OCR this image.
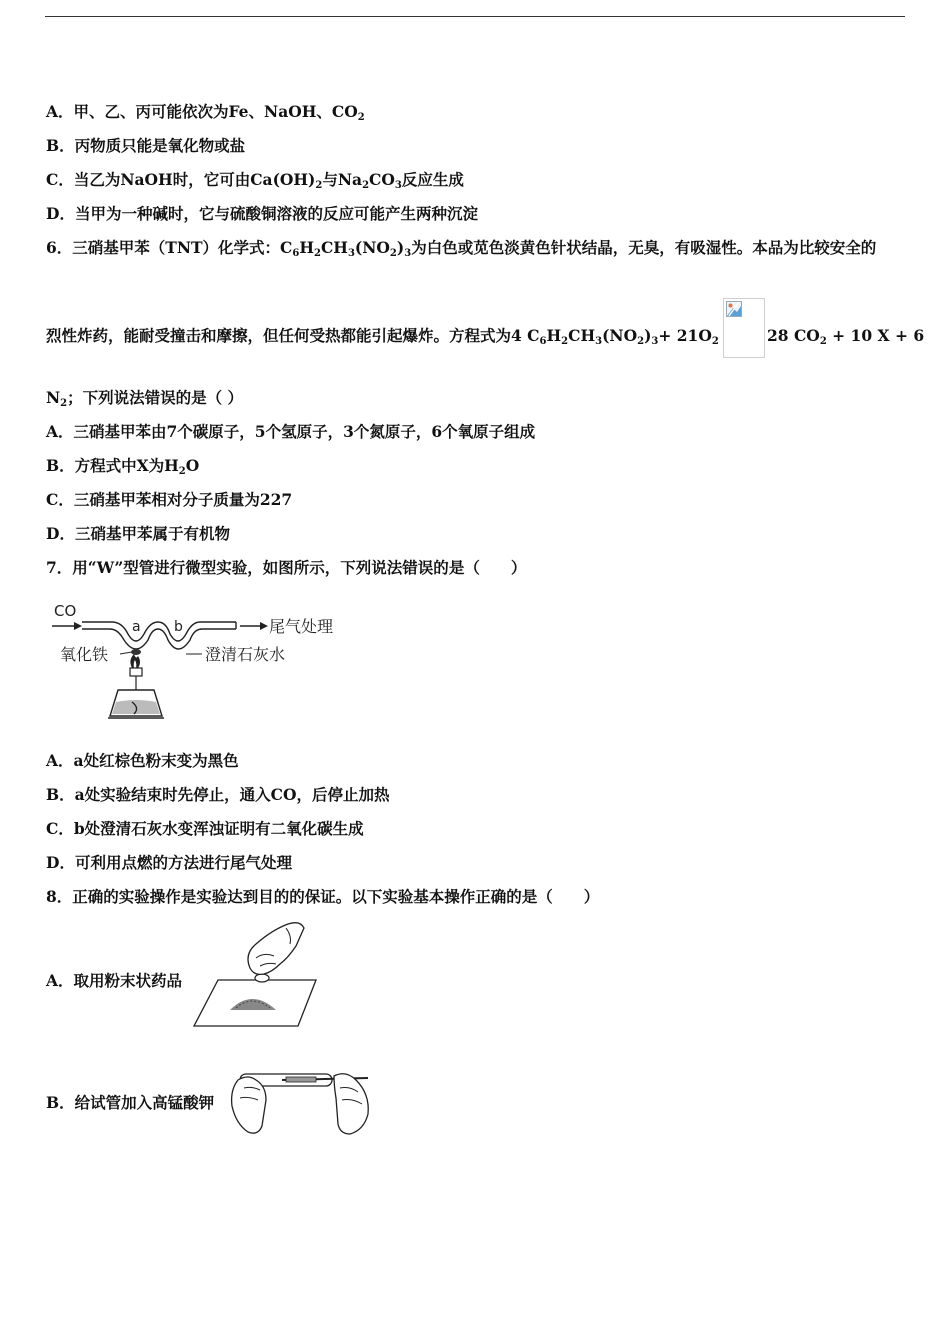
A．甲、乙、丙可能依次为Fe、NaOH、$CO_2$
B．丙物质只能是氧化物或盐
C．当乙为NaOH时，它可由$Ca(OH)_2$与$Na_2CO_3$反应生成
D．当甲为一种碱时，它与硫酸铜溶液的反应可能产生两种沉淀
6．三硝基甲苯（TNT）化学式：$C_6H_2CH_3(NO_2)_3$为白色或苋色淡黄色针状结晶，无臭，有吸湿性。本品为比较安全的
烈性炸药，能耐受撞击和摩擦，但任何受热都能引起爆炸。方程式为4 $C_6H_2CH_3(NO_2)_3+ 21O_2$	28 $CO_2 + 10$ X + 6
$N_2$；下列说法错误的是（ ）
A．三硝基甲苯由7个碳原子，5个氢原子，3个氮原子，6个氧原子组成
B．方程式中X为$H_2O$
C．三硝基甲苯相对分子质量为227
D．三硝基甲苯属于有机物
7．用“W”型管进行微型实验，如图所示，下列说法错误的是（　　）
CO
a b	尾气处理
氧化铁	澄清石灰水
A．a处红棕色粉末变为黑色
B．a处实验结束时先停止，通入CO，后停止加热
C．b处澄清石灰水变浑浊证明有二氧化碳生成
D．可利用点燃的方法进行尾气处理
8．正确的实验操作是实验达到目的的保证。以下实验基本操作正确的是（　　）
A．取用粉末状药品
B．给试管加入高锰酸钾
